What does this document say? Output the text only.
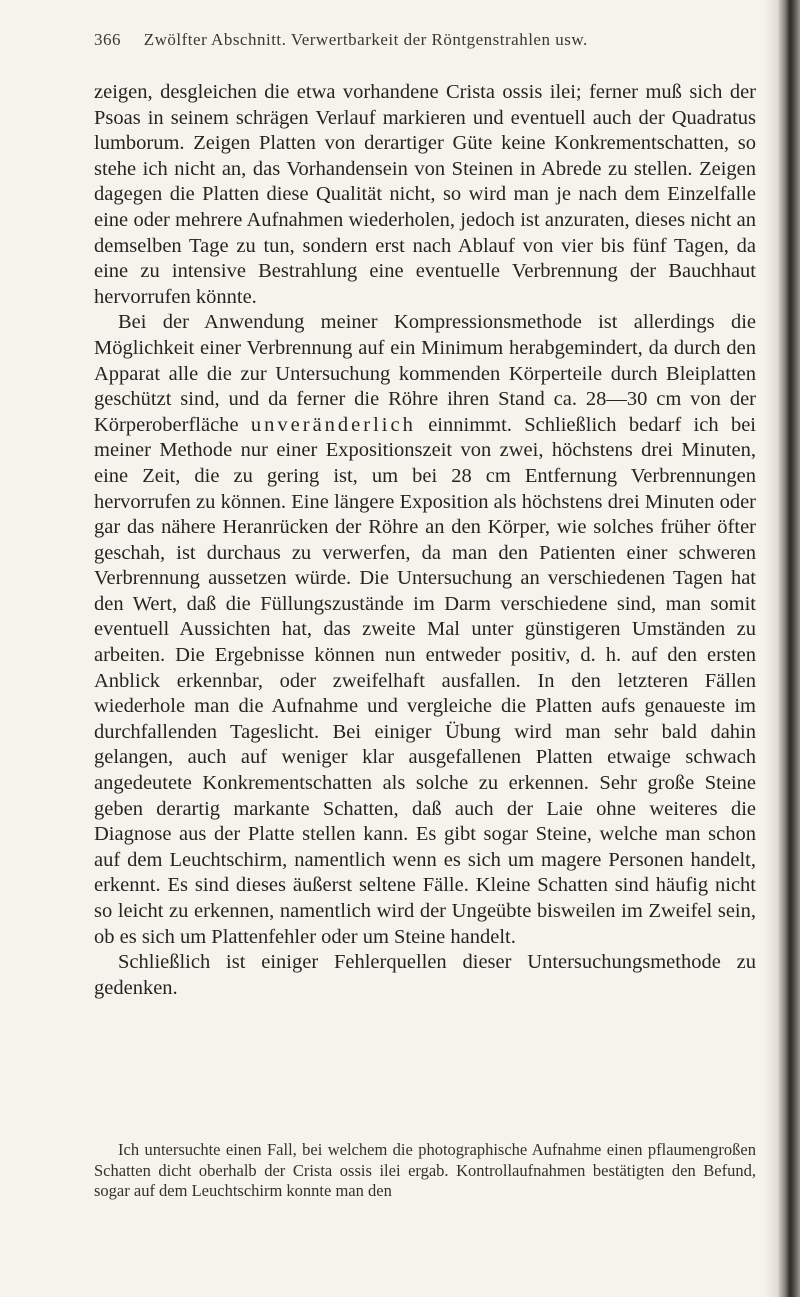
366 Zwölfter Abschnitt. Verwertbarkeit der Röntgenstrahlen usw.

zeigen, desgleichen die etwa vorhandene Crista ossis ilei; ferner muß sich der Psoas in seinem schrägen Verlauf markieren und eventuell auch der Quadratus lumborum. Zeigen Platten von derartiger Güte keine Konkrementschatten, so stehe ich nicht an, das Vorhandensein von Steinen in Abrede zu stellen. Zeigen dagegen die Platten diese Qualität nicht, so wird man je nach dem Einzelfalle eine oder mehrere Aufnahmen wiederholen, jedoch ist anzuraten, dieses nicht an demselben Tage zu tun, sondern erst nach Ablauf von vier bis fünf Tagen, da eine zu intensive Bestrahlung eine eventuelle Verbrennung der Bauchhaut hervorrufen könnte.

Bei der Anwendung meiner Kompressionsmethode ist allerdings die Möglichkeit einer Verbrennung auf ein Minimum herabgemindert, da durch den Apparat alle die zur Untersuchung kommenden Körperteile durch Bleiplatten geschützt sind, und da ferner die Röhre ihren Stand ca. 28—30 cm von der Körperoberfläche unveränderlich einnimmt. Schließlich bedarf ich bei meiner Methode nur einer Expositionszeit von zwei, höchstens drei Minuten, eine Zeit, die zu gering ist, um bei 28 cm Entfernung Verbrennungen hervorrufen zu können. Eine längere Exposition als höchstens drei Minuten oder gar das nähere Heranrücken der Röhre an den Körper, wie solches früher öfter geschah, ist durchaus zu verwerfen, da man den Patienten einer schweren Verbrennung aussetzen würde. Die Untersuchung an verschiedenen Tagen hat den Wert, daß die Füllungszustände im Darm verschiedene sind, man somit eventuell Aussichten hat, das zweite Mal unter günstigeren Umständen zu arbeiten. Die Ergebnisse können nun entweder positiv, d. h. auf den ersten Anblick erkennbar, oder zweifelhaft ausfallen. In den letzteren Fällen wiederhole man die Aufnahme und vergleiche die Platten aufs genaueste im durchfallenden Tageslicht. Bei einiger Übung wird man sehr bald dahin gelangen, auch auf weniger klar ausgefallenen Platten etwaige schwach angedeutete Konkrementschatten als solche zu erkennen. Sehr große Steine geben derartig markante Schatten, daß auch der Laie ohne weiteres die Diagnose aus der Platte stellen kann. Es gibt sogar Steine, welche man schon auf dem Leuchtschirm, namentlich wenn es sich um magere Personen handelt, erkennt. Es sind dieses äußerst seltene Fälle. Kleine Schatten sind häufig nicht so leicht zu erkennen, namentlich wird der Ungeübte bisweilen im Zweifel sein, ob es sich um Plattenfehler oder um Steine handelt.

Schließlich ist einiger Fehlerquellen dieser Untersuchungsmethode zu gedenken.

Ich untersuchte einen Fall, bei welchem die photographische Aufnahme einen pflaumengroßen Schatten dicht oberhalb der Crista ossis ilei ergab. Kontrollaufnahmen bestätigten den Befund, sogar auf dem Leuchtschirm konnte man den
